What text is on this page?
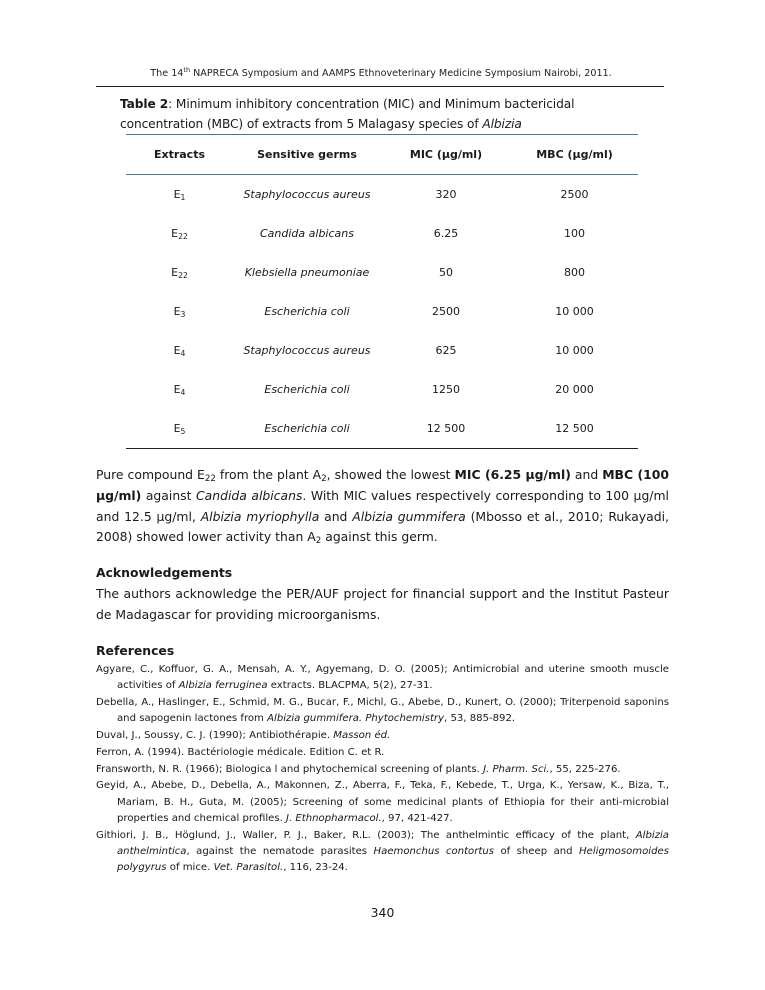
The 14th NAPRECA Symposium and AAMPS Ethnoveterinary Medicine Symposium Nairobi, 2011.
Table 2: Minimum inhibitory concentration (MIC) and Minimum bactericidal concentration (MBC) of extracts from 5 Malagasy species of Albizia
Extracts	Sensitive germs	MIC (µg/ml)	MBC (µg/ml)
$E_1$	Staphylococcus aureus	320	2500
$E_{22}$	Candida albicans	6.25	100
$E_{22}$	Klebsiella pneumoniae	50	800
$E_3$	Escherichia coli	2500	10 000
$E_4$	Staphylococcus aureus	625	10 000
$E_4$	Escherichia coli	1250	20 000
$E_5$	Escherichia coli	12 500	12 500
Pure compound $E_{22}$ from the plant $A_2$, showed the lowest MIC (6.25 µg/ml) and MBC (100 µg/ml) against Candida albicans. With MIC values respectively corresponding to 100 µg/ml and 12.5 µg/ml, Albizia myriophylla and Albizia gummifera (Mbosso et al., 2010; Rukayadi, 2008) showed lower activity than $A_2$ against this germ.
Acknowledgements
The authors acknowledge the PER/AUF project for financial support and the Institut Pasteur de Madagascar for providing microorganisms.
References
Agyare, C., Koffuor, G. A., Mensah, A. Y., Agyemang, D. O. (2005); Antimicrobial and uterine smooth muscle activities of Albizia ferruginea extracts. BLACPMA, 5(2), 27-31.
Debella, A., Haslinger, E., Schmid, M. G., Bucar, F., Michl, G., Abebe, D., Kunert, O. (2000); Triterpenoid saponins and sapogenin lactones from Albizia gummifera. Phytochemistry, 53, 885-892.
Duval, J., Soussy, C. J. (1990); Antibiothérapie. Masson éd.
Ferron, A. (1994). Bactériologie médicale. Edition C. et R.
Fransworth, N. R. (1966); Biologica l and phytochemical screening of plants. J. Pharm. Sci., 55, 225-276.
Geyid, A., Abebe, D., Debella, A., Makonnen, Z., Aberra, F., Teka, F., Kebede, T., Urga, K., Yersaw, K., Biza, T., Mariam, B. H., Guta, M. (2005); Screening of some medicinal plants of Ethiopia for their anti-microbial properties and chemical profiles. J. Ethnopharmacol., 97, 421-427.
Githiori, J. B., Höglund, J., Waller, P. J., Baker, R.L. (2003); The anthelmintic efficacy of the plant, Albizia anthelmintica, against the nematode parasites Haemonchus contortus of sheep and Heligmosomoides polygyrus of mice. Vet. Parasitol., 116, 23-24.
340
